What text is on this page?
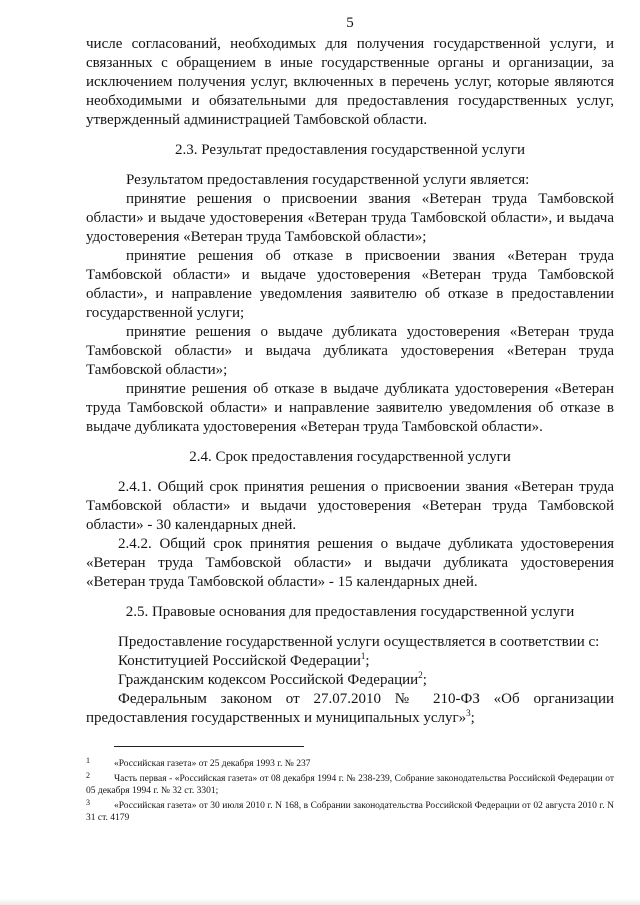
5

числе согласований, необходимых для получения государственной услуги, и связанных с обращением в иные государственные органы и организации, за исключением получения услуг, включенных в перечень услуг, которые являются необходимыми и обязательными для предоставления государственных услуг, утвержденный администрацией Тамбовской области.

2.3. Результат предоставления государственной услуги

Результатом предоставления государственной услуги является:

принятие решения о присвоении звания «Ветеран труда Тамбовской области» и выдаче удостоверения «Ветеран труда Тамбовской области», и выдача удостоверения «Ветеран труда Тамбовской области»;

принятие решения об отказе в присвоении звания «Ветеран труда Тамбовской области» и выдаче удостоверения «Ветеран труда Тамбовской области», и направление уведомления заявителю об отказе в предоставлении государственной услуги;

принятие решения о выдаче дубликата удостоверения «Ветеран труда Тамбовской области» и выдача дубликата удостоверения «Ветеран труда Тамбовской области»;

принятие решения об отказе в выдаче дубликата удостоверения «Ветеран труда Тамбовской области» и направление заявителю уведомления об отказе в выдаче дубликата удостоверения «Ветеран труда Тамбовской области».

2.4. Срок предоставления государственной услуги

2.4.1. Общий срок принятия решения о присвоении звания «Ветеран труда Тамбовской области» и выдачи удостоверения «Ветеран труда Тамбовской области» - 30 календарных дней.

2.4.2. Общий срок принятия решения о выдаче дубликата удостоверения «Ветеран труда Тамбовской области» и выдачи дубликата удостоверения «Ветеран труда Тамбовской области» - 15 календарных дней.

2.5. Правовые основания для предоставления государственной услуги

Предоставление государственной услуги осуществляется в соответствии с:

Конституцией Российской Федерации$^1$;

Гражданским кодексом Российской Федерации$^2$;

Федеральным законом от 27.07.2010 № 210-ФЗ «Об организации предоставления государственных и муниципальных услуг»$^3$;

1	«Российская газета» от 25 декабря 1993 г. № 237

2	Часть первая - «Российская газета» от 08 декабря 1994 г. № 238-239, Собрание законодательства Российской Федерации от 05 декабря 1994 г. № 32 ст. 3301;

3	«Российская газета» от 30 июля 2010 г. N 168, в Собрании законодательства Российской Федерации от 02 августа 2010 г. N 31 ст. 4179
